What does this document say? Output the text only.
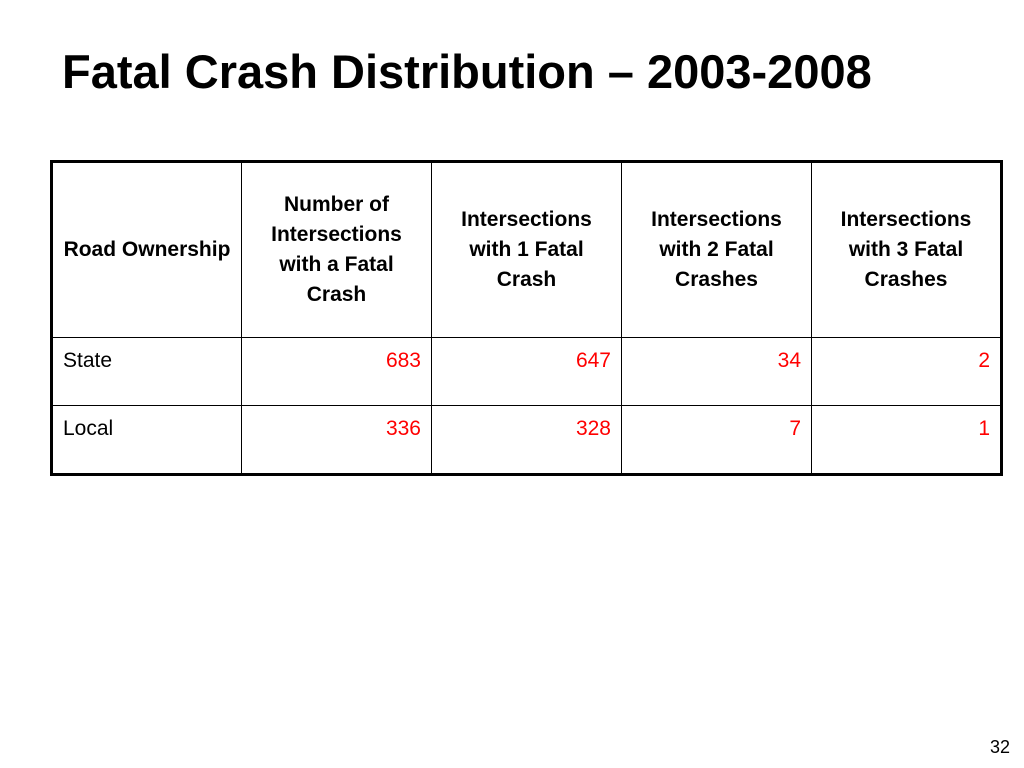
Fatal Crash Distribution – 2003-2008
Road Ownership	Number of Intersections with a Fatal Crash	Intersections with 1 Fatal Crash	Intersections with 2 Fatal Crashes	Intersections with 3 Fatal Crashes
State	683	647	34	2
Local	336	328	7	1
32
